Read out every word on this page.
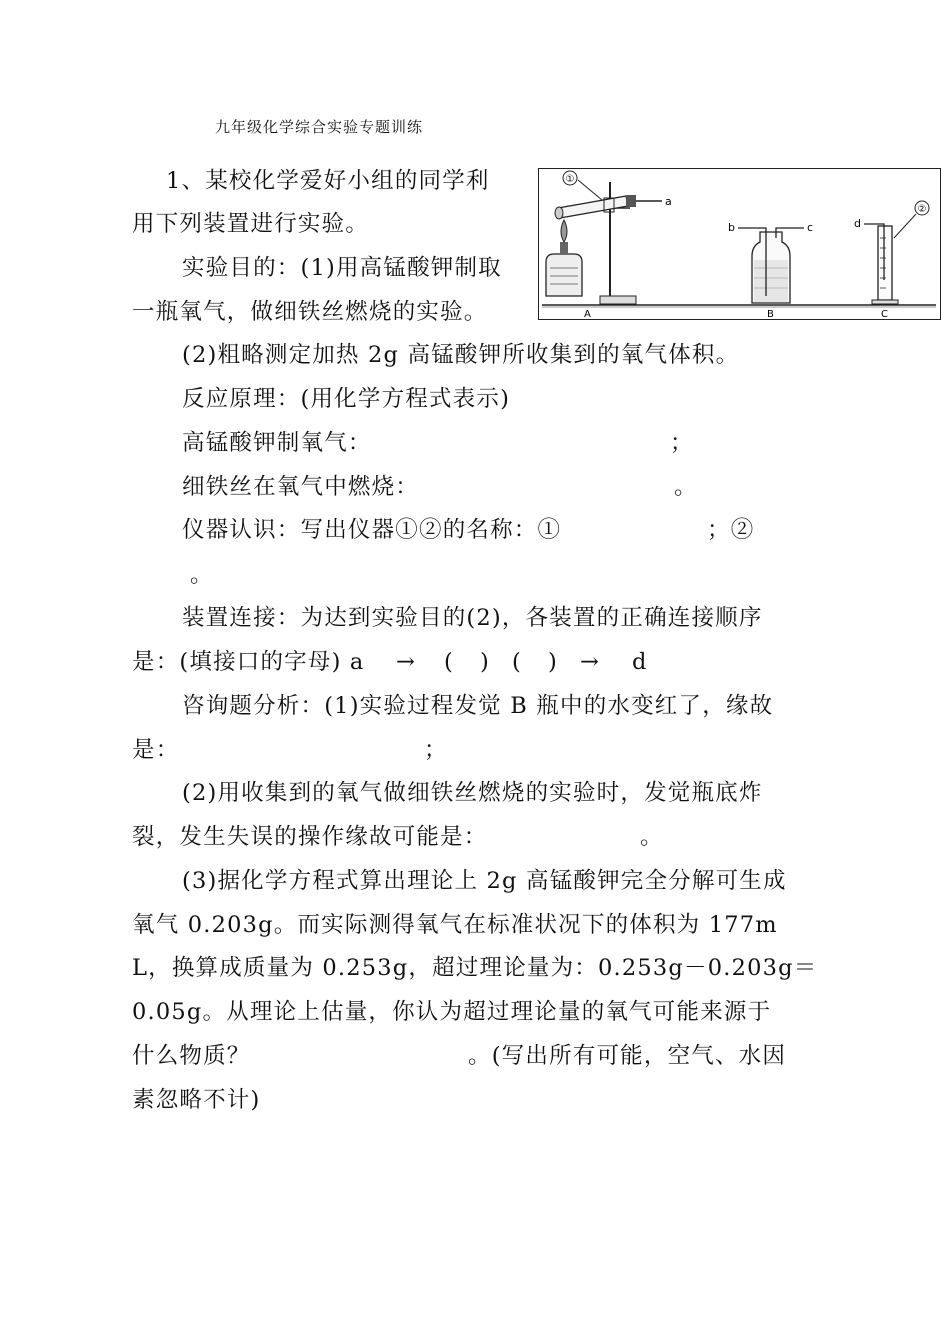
九年级化学综合实验专题训练
1、某校化学爱好小组的同学利
用下列装置进行实验。
实验目的：(1)用高锰酸钾制取
一瓶氧气，做细铁丝燃烧的实验。
(2)粗略测定加热 2g 高锰酸钾所收集到的氧气体积。
反应原理：(用化学方程式表示)
高锰酸钾制氧气：	；
细铁丝在氧气中燃烧：	。
仪器认识：写出仪器①②的名称：①	；②
。
装置连接：为达到实验目的(2)，各装置的正确连接顺序
是：(填接口的字母) a → ( ) ( ) → d
咨询题分析：(1)实验过程发觉 B 瓶中的水变红了，缘故
是：	；
(2)用收集到的氧气做细铁丝燃烧的实验时，发觉瓶底炸
裂，发生失误的操作缘故可能是：	。
(3)据化学方程式算出理论上 2g 高锰酸钾完全分解可生成
氧气 0.203g。而实际测得氧气在标准状况下的体积为 177m
L，换算成质量为 0.253g，超过理论量为：0.253g－0.203g＝
0.05g。从理论上估量，你认为超过理论量的氧气可能来源于
什么物质？	。(写出所有可能，空气、水因
素忽略不计)
①
a
b	c	d
②
A	B	C
